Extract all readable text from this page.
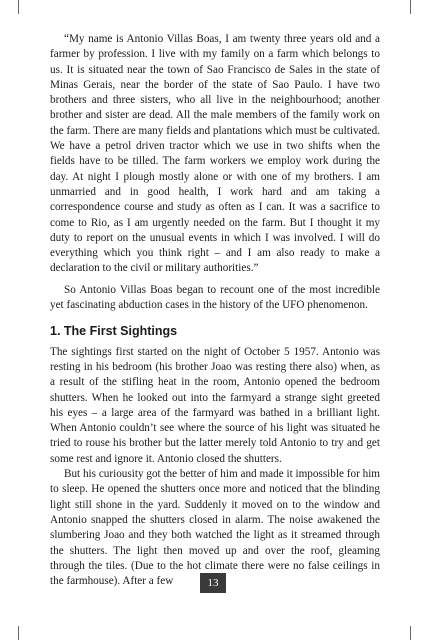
“My name is Antonio Villas Boas, I am twenty three years old and a farmer by profession. I live with my family on a farm which belongs to us. It is situated near the town of Sao Francisco de Sales in the state of Minas Gerais, near the border of the state of Sao Paulo. I have two brothers and three sisters, who all live in the neighbourhood; another brother and sister are dead. All the male members of the family work on the farm. There are many fields and plantations which must be cultivated. We have a petrol driven tractor which we use in two shifts when the fields have to be tilled. The farm workers we employ work during the day. At night I plough mostly alone or with one of my brothers. I am unmarried and in good health, I work hard and am taking a correspondence course and study as often as I can. It was a sacrifice to come to Rio, as I am urgently needed on the farm. But I thought it my duty to report on the unusual events in which I was involved. I will do everything which you think right – and I am also ready to make a declaration to the civil or military authorities.”

So Antonio Villas Boas began to recount one of the most incredible yet fascinating abduction cases in the history of the UFO phenomenon.

1. The First Sightings

The sightings first started on the night of October 5 1957. Antonio was resting in his bedroom (his brother Joao was resting there also) when, as a result of the stifling heat in the room, Antonio opened the bedroom shutters. When he looked out into the farmyard a strange sight greeted his eyes – a large area of the farmyard was bathed in a brilliant light. When Antonio couldn’t see where the source of his light was situated he tried to rouse his brother but the latter merely told Antonio to try and get some rest and ignore it. Antonio closed the shutters.

But his curiousity got the better of him and made it impossible for him to sleep. He opened the shutters once more and noticed that the blinding light still shone in the yard. Suddenly it moved on to the window and Antonio snapped the shutters closed in alarm. The noise awakened the slumbering Joao and they both watched the light as it streamed through the shutters. The light then moved up and over the roof, gleaming through the tiles. (Due to the hot climate there were no false ceilings in the farmhouse). After a few	13
